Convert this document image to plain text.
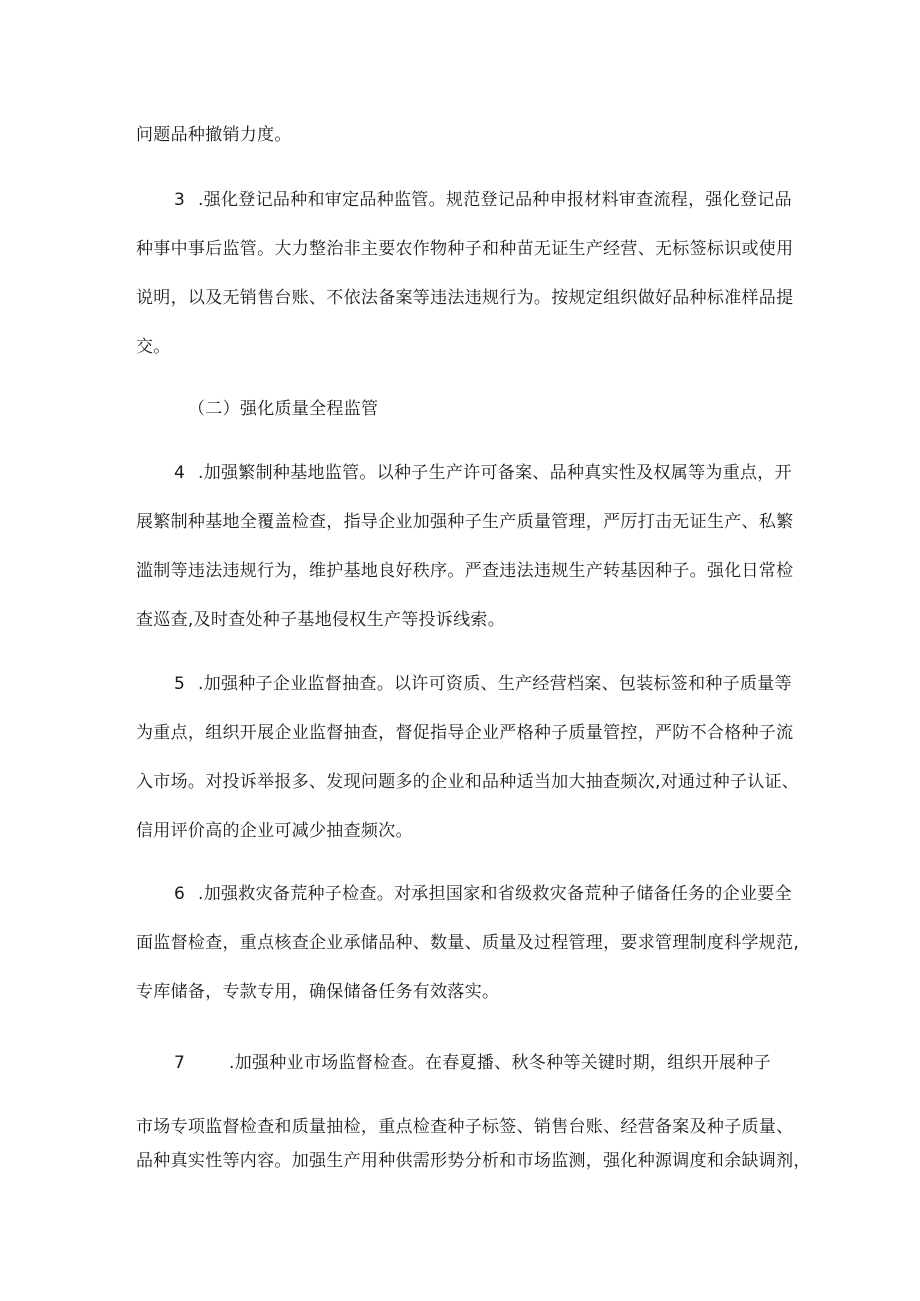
问题品种撤销力度。
3 .强化登记品种和审定品种监管。规范登记品种申报材料审查流程，强化登记品
种事中事后监管。大力整治非主要农作物种子和种苗无证生产经营、无标签标识或使用
说明，以及无销售台账、不依法备案等违法违规行为。按规定组织做好品种标准样品提
交。
（二）强化质量全程监管
4 .加强繁制种基地监管。以种子生产许可备案、品种真实性及权属等为重点，开
展繁制种基地全覆盖检查，指导企业加强种子生产质量管理，严厉打击无证生产、私繁
滥制等违法违规行为，维护基地良好秩序。严查违法违规生产转基因种子。强化日常检
查巡查,及时查处种子基地侵权生产等投诉线索。
5 .加强种子企业监督抽查。以许可资质、生产经营档案、包装标签和种子质量等
为重点，组织开展企业监督抽查，督促指导企业严格种子质量管控，严防不合格种子流
入市场。对投诉举报多、发现问题多的企业和品种适当加大抽查频次,对通过种子认证、
信用评价高的企业可减少抽查频次。
6 .加强救灾备荒种子检查。对承担国家和省级救灾备荒种子储备任务的企业要全
面监督检查，重点核查企业承储品种、数量、质量及过程管理，要求管理制度科学规范,
专库储备，专款专用，确保储备任务有效落实。
7	.加强种业市场监督检查。在春夏播、秋冬种等关键时期，组织开展种子
市场专项监督检查和质量抽检，重点检查种子标签、销售台账、经营备案及种子质量、
品种真实性等内容。加强生产用种供需形势分析和市场监测，强化种源调度和余缺调剂，
